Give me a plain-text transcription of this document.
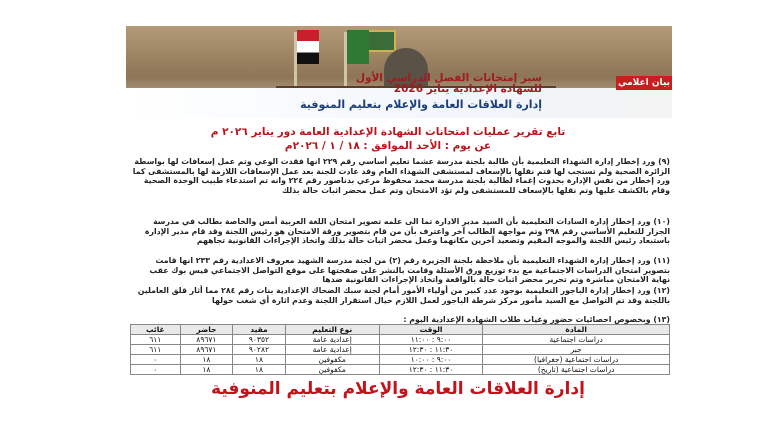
سير إمتحانات الفصل الدراسي الأول
للشهادة الإعدادية يناير 2026
إدارة العلاقات العامة والإعلام بتعليم المنوفية
بيان اعلامي
تابع تقرير عمليات امتحانات الشهادة الإعدادية العامة دور يناير ٢٠٢٦ م
عن يوم : الأحد الموافق : ١٨ / ١ / ٢٠٢٦م
(٩) ورد إخطار إدارة الشهداء التعليمية بأن طالبة بلجنة مدرسة عشما تعليم أساسي رقم ٢٢٩ انها فقدت الوعي وتم عمل إسعافات لها بواسطة الزائرة الصحية ولم تستجب لها فتم نقلها بالإسعاف لمستشفى الشهداء العام وقد عادت للجنة بعد عمل الإسعافات اللازمة لها بالمستشفى كما ورد إخطار من نفس الإدارة بحدوث إغماء لطالبة بلجنة مدرسة محمد محفوظ مرعي بدناصور رقم ٢٢٤ وانه تم استدعاء طبيب الوحدة الصحية وقام بالكشف عليها وتم نقلها بالإسعاف للمستشفى ولم تؤد الامتحان وتم عمل محضر اثبات حالة بذلك
(١٠) ورد إخطار إدارة السادات التعليمية بأن السيد مدير الادارة تما الى علمه تصوير امتحان اللغة العربية أمس والخاصة بطالب في مدرسة الجزار للتعليم الأساسي رقم ٢٩٨ وتم مواجهة الطالب آخر واعترف بأن من قام بتصوير ورقة الامتحان هو رئيس اللجنة وقد قام مدير الإدارة باستبعاد رئيس اللجنة والموجه المقيم وتصعيد آخرين مكانهما وعمل محضر اثبات حالة بذلك واتخاذ الإجراءات القانونية تجاههم
(١١) ورد إخطار إدارة الشهداء التعليمية بأن ملاحظة بلجنة الجزيرة رقم (٢) من لجنة مدرسة الشهيد معروف الاعدادية رقم ٢٣٣ انها قامت بتصوير امتحان الدراسات الاجتماعية مع بدء توزيع ورق الأسئلة وقامت بالنشر على صفحتها على موقع التواصل الاجتماعي فيس بوك عقب نهاية الامتحان مباشرة وتم تحرير محضر اثبات حالة بالواقعة واتخاذ الإجراءات القانونية ضدها
(١٢) ورد إخطار إدارة الباجور التعليمية بوجود عدد كبير من أولياء الأمور أمام لجنة سبك الضحاك الإعدادية بنات رقم ٢٨٤ مما أثار قلق العاملين باللجنة وقد تم التواصل مع السيد مأمور مركز شرطة الباجور لعمل اللازم حيال استقرار اللجنة وعدم اثارة أي شغب حولها
(١٣) وبخصوص احصائيات حضور وغياب طلاب الشهادة الإعدادية اليوم :
المادة	الوقت	نوع التعليم	مقيد	حاضر	غائب
دراسات اجتماعية	٩:٠٠ : ١١:٠٠	إعدادية عامة	٩٠٣٥٢	٨٩٦٧١	٦١١
جبر	١١:٣٠ : ١٢:٣٠	إعدادية عامة	٩٠٢٨٢	٨٩٦٧١	٦١١
دراسات اجتماعية (جغرافيا)	٩:٠٠ : ١٠:٠٠	مكفوفين	١٨	١٨	٠
دراسات اجتماعية (تاريخ)	١١:٣٠ : ١٢:٣٠	مكفوفين	١٨	١٨	٠
إدارة العلاقات العامة والإعلام بتعليم المنوفية
